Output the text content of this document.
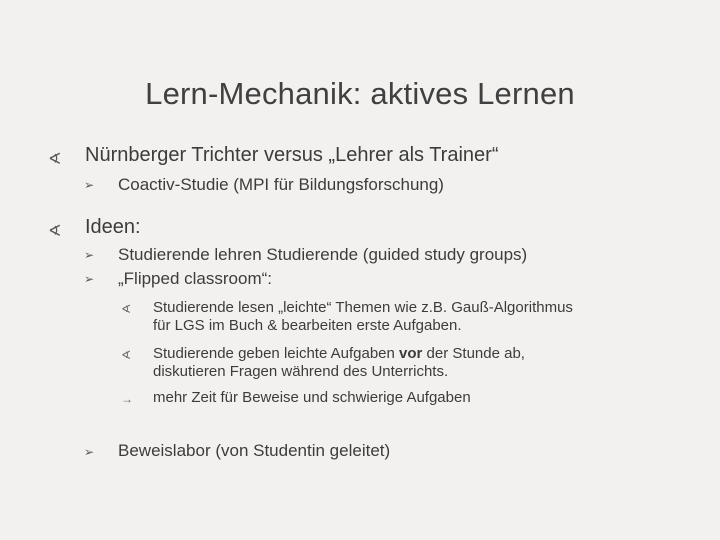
Lern-Mechanik: aktives Lernen
∢ Nürnberger Trichter versus „Lehrer als Trainer“
➢ Coactiv-Studie (MPI für Bildungsforschung)
∢ Ideen:
➢ Studierende lehren Studierende (guided study groups)
➢ „Flipped classroom“:
∢ Studierende lesen „leichte“ Themen wie z.B. Gauß-Algorithmus
für LGS im Buch & bearbeiten erste Aufgaben.
∢ Studierende geben leichte Aufgaben vor der Stunde ab,
diskutieren Fragen während des Unterrichts.
→ mehr Zeit für Beweise und schwierige Aufgaben
➢ Beweislabor (von Studentin geleitet)
